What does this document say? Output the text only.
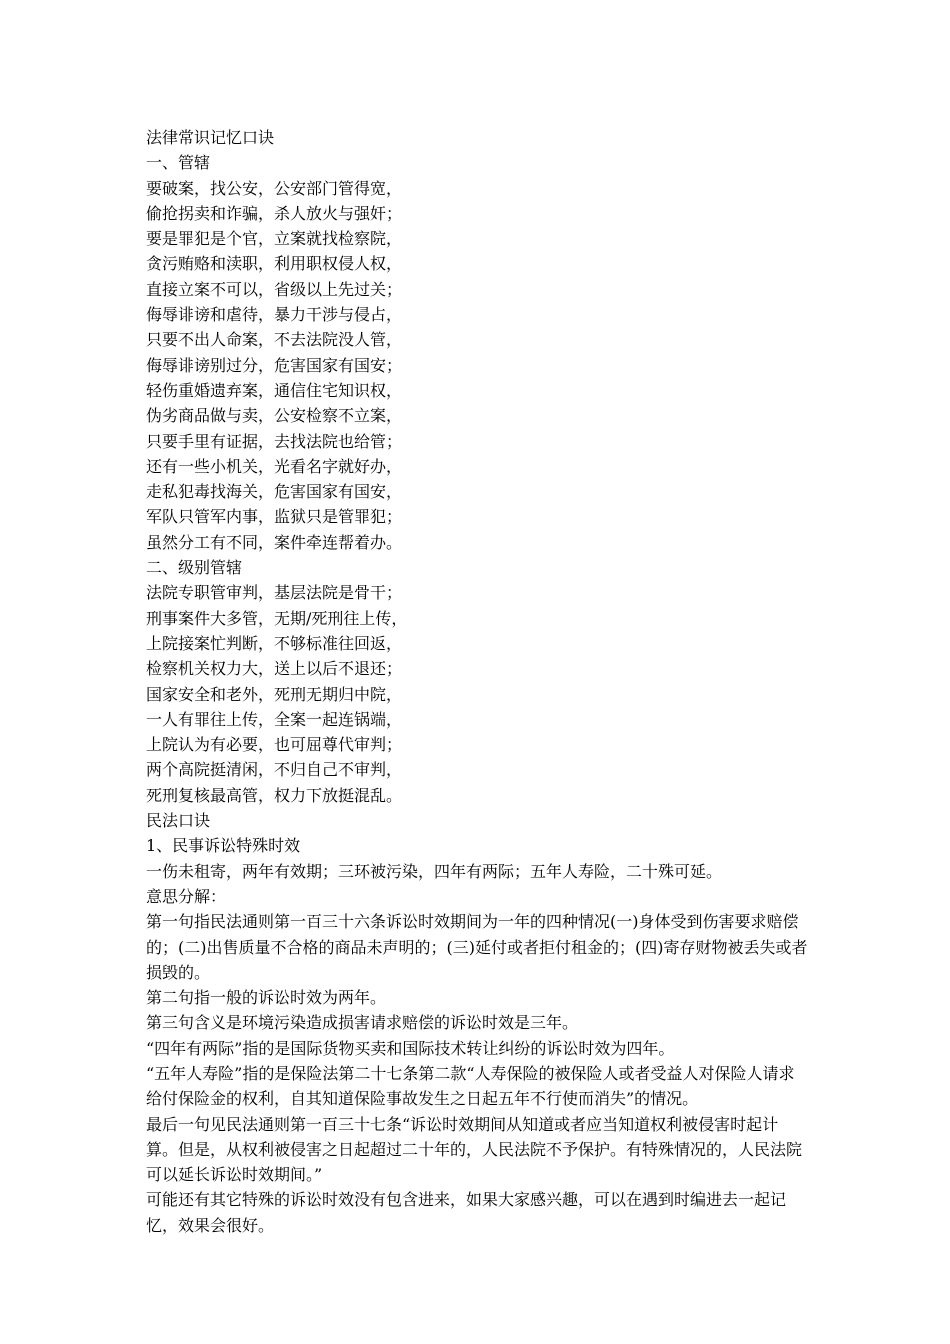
法律常识记忆口诀

一、管辖

要破案，找公安，公安部门管得宽，

偷抢拐卖和诈骗，杀人放火与强奸；

要是罪犯是个官，立案就找检察院，

贪污贿赂和渎职，利用职权侵人权，

直接立案不可以，省级以上先过关；

侮辱诽谤和虐待，暴力干涉与侵占，

只要不出人命案，不去法院没人管，

侮辱诽谤别过分，危害国家有国安；

轻伤重婚遗弃案，通信住宅知识权，

伪劣商品做与卖，公安检察不立案，

只要手里有证据，去找法院也给管；

还有一些小机关，光看名字就好办，

走私犯毒找海关，危害国家有国安，

军队只管军内事，监狱只是管罪犯；

虽然分工有不同，案件牵连帮着办。

二、级别管辖

法院专职管审判，基层法院是骨干；

刑事案件大多管，无期/死刑往上传，

上院接案忙判断，不够标准往回返，

检察机关权力大，送上以后不退还；

国家安全和老外，死刑无期归中院，

一人有罪往上传，全案一起连锅端，

上院认为有必要，也可屈尊代审判；

两个高院挺清闲，不归自己不审判，

死刑复核最高管，权力下放挺混乱。

民法口诀

1、民事诉讼特殊时效

一伤未租寄，两年有效期；三环被污染，四年有两际；五年人寿险，二十殊可延。

意思分解：

第一句指民法通则第一百三十六条诉讼时效期间为一年的四种情况(一)身体受到伤害要求赔偿的；(二)出售质量不合格的商品未声明的；(三)延付或者拒付租金的；(四)寄存财物被丢失或者损毁的。

第二句指一般的诉讼时效为两年。

第三句含义是环境污染造成损害请求赔偿的诉讼时效是三年。

“四年有两际”指的是国际货物买卖和国际技术转让纠纷的诉讼时效为四年。

“五年人寿险”指的是保险法第二十七条第二款“人寿保险的被保险人或者受益人对保险人请求给付保险金的权利，自其知道保险事故发生之日起五年不行使而消失”的情况。

最后一句见民法通则第一百三十七条“诉讼时效期间从知道或者应当知道权利被侵害时起计算。但是，从权利被侵害之日起超过二十年的，人民法院不予保护。有特殊情况的，人民法院可以延长诉讼时效期间。”

可能还有其它特殊的诉讼时效没有包含进来，如果大家感兴趣，可以在遇到时编进去一起记忆，效果会很好。
